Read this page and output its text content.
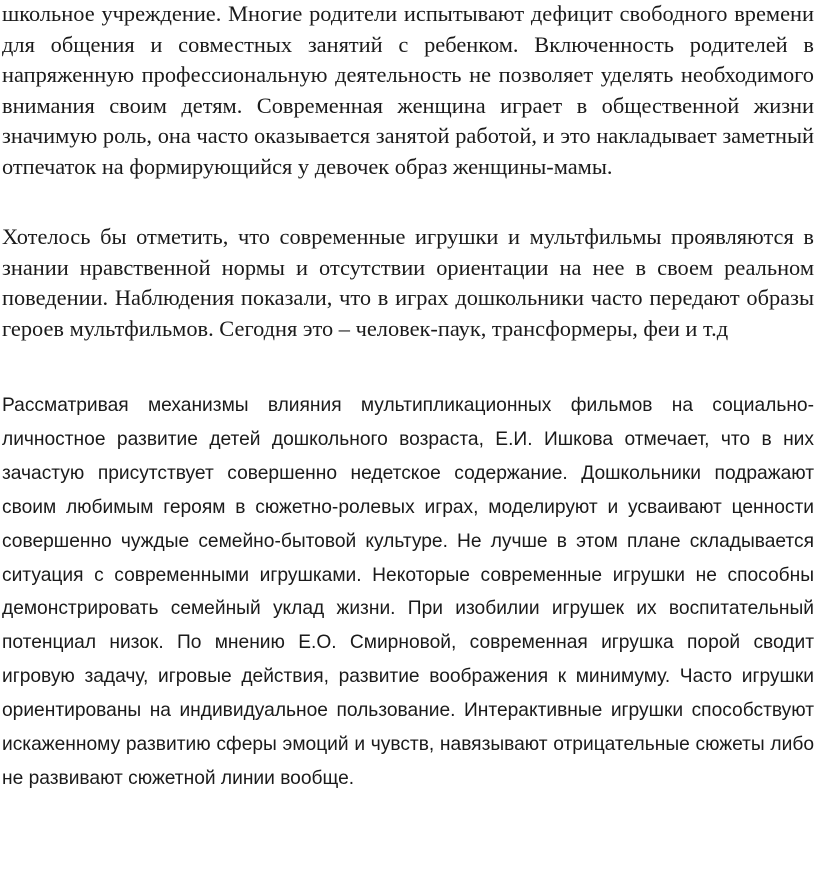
школьное учреждение. Многие родители испытывают дефицит свободного времени для общения и совместных занятий с ребенком. Включенность родителей в напряженную профессиональную деятельность не позволяет уделять необходимого внимания своим детям. Современная женщина играет в общественной жизни значимую роль, она часто оказывается занятой работой, и это накладывает заметный отпечаток на формирующийся у девочек образ женщины-мамы.

Хотелось бы отметить, что современные игрушки и мультфильмы проявляются в знании нравственной нормы и отсутствии ориентации на нее в своем реальном поведении. Наблюдения показали, что в играх дошкольники часто передают образы героев мультфильмов. Сегодня это – человек-паук, трансформеры, феи и т.д

Рассматривая механизмы влияния мультипликационных фильмов на социально-личностное развитие детей дошкольного возраста, Е.И. Ишкова отмечает, что в них зачастую присутствует совершенно недетское содержание. Дошкольники подражают своим любимым героям в сюжетно-ролевых играх, моделируют и усваивают ценности совершенно чуждые семейно-бытовой культуре. Не лучше в этом плане складывается ситуация с современными игрушками. Некоторые современные игрушки не способны демонстрировать семейный уклад жизни. При изобилии игрушек их воспитательный потенциал низок. По мнению Е.О. Смирновой, современная игрушка порой сводит игровую задачу, игровые действия, развитие воображения к минимуму. Часто игрушки ориентированы на индивидуальное пользование. Интерактивные игрушки способствуют искаженному развитию сферы эмоций и чувств, навязывают отрицательные сюжеты либо не развивают сюжетной линии вообще.
